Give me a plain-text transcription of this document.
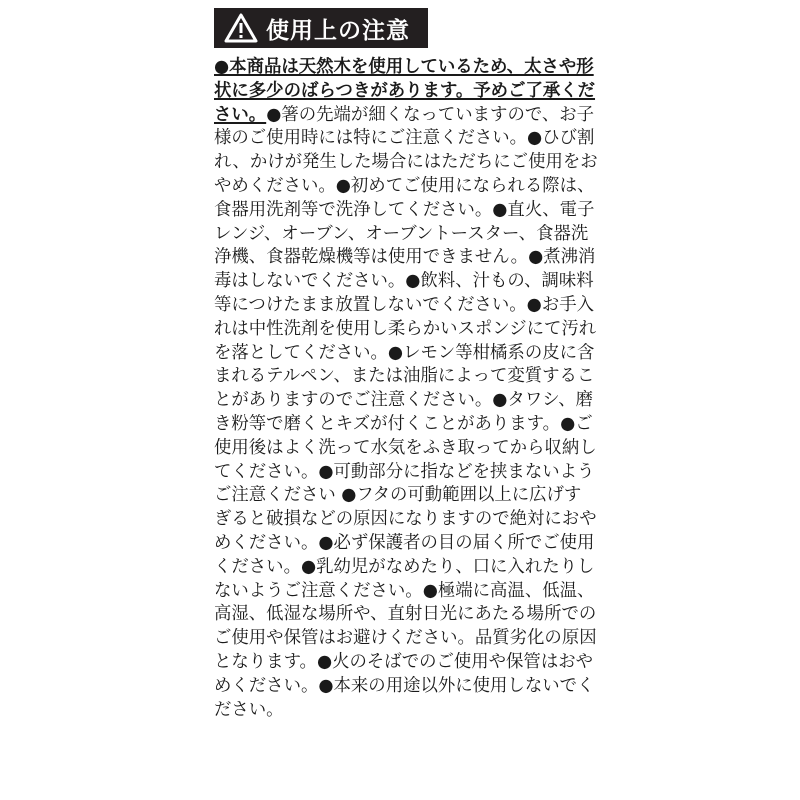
使用上の注意
●本商品は天然木を使用しているため、太さや形状に多少のばらつきがあります。予めご了承ください。●箸の先端が細くなっていますので、お子様のご使用時には特にご注意ください。●ひび割れ、かけが発生した場合にはただちにご使用をおやめください。●初めてご使用になられる際は、食器用洗剤等で洗浄してください。●直火、電子レンジ、オーブン、オーブントースター、食器洗浄機、食器乾燥機等は使用できません。●煮沸消毒はしないでください。●飲料、汁もの、調味料等につけたまま放置しないでください。●お手入れは中性洗剤を使用し柔らかいスポンジにて汚れを落としてください。●レモン等柑橘系の皮に含まれるテルペン、または油脂によって変質することがありますのでご注意ください。●タワシ、磨き粉等で磨くとキズが付くことがあります。●ご使用後はよく洗って水気をふき取ってから収納してください。●可動部分に指などを挟まないようご注意ください ●フタの可動範囲以上に広げすぎると破損などの原因になりますので絶対におやめください。●必ず保護者の目の届く所でご使用ください。●乳幼児がなめたり、口に入れたりしないようご注意ください。●極端に高温、低温、高湿、低湿な場所や、直射日光にあたる場所でのご使用や保管はお避けください。品質劣化の原因となります。●火のそばでのご使用や保管はおやめください。●本来の用途以外に使用しないでください。
